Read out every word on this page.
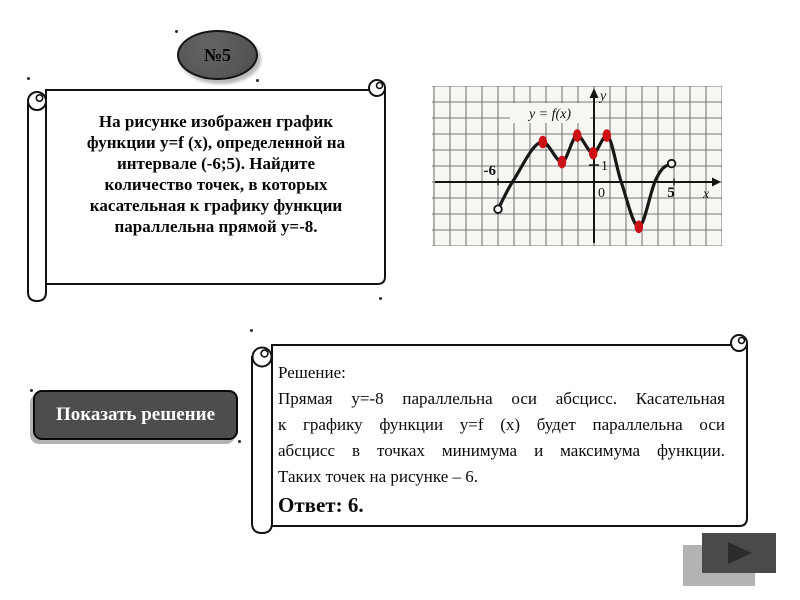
№5
На рисунке изображен график
функции y=f (x), определенной на
интервале (-6;5). Найдите
количество точек, в которых
касательная к графику функции
параллельна прямой y=-8.
y = f(x)
y
x
0
1
-6
5
Показать решение
Решение:
Прямая y=-8 параллельна оси абсцисс. Касательная
к графику функции y=f (x) будет параллельна оси
абсцисс в точках минимума и максимума функции.
Таких точек на рисунке – 6.
Ответ: 6.
